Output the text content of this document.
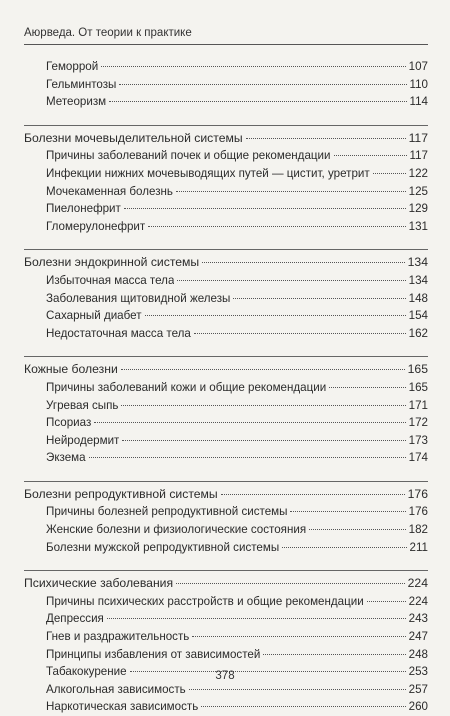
Аюрведа. От теории к практике
Геморрой	107
Гельминтозы	110
Метеоризм	114
Болезни мочевыделительной системы	117
Причины заболеваний почек и общие рекомендации	117
Инфекции нижних мочевыводящих путей — цистит, уретрит	122
Мочекаменная болезнь	125
Пиелонефрит	129
Гломерулонефрит	131
Болезни эндокринной системы	134
Избыточная масса тела	134
Заболевания щитовидной железы	148
Сахарный диабет	154
Недостаточная масса тела	162
Кожные болезни	165
Причины заболеваний кожи и общие рекомендации	165
Угревая сыпь	171
Псориаз	172
Нейродермит	173
Экзема	174
Болезни репродуктивной системы	176
Причины болезней репродуктивной системы	176
Женские болезни и физиологические состояния	182
Болезни мужской репродуктивной системы	211
Психические заболевания	224
Причины психических расстройств и общие рекомендации	224
Депрессия	243
Гнев и раздражительность	247
Принципы избавления от зависимостей	248
Табакокурение	253
Алкогольная зависимость	257
Наркотическая зависимость	260
378
